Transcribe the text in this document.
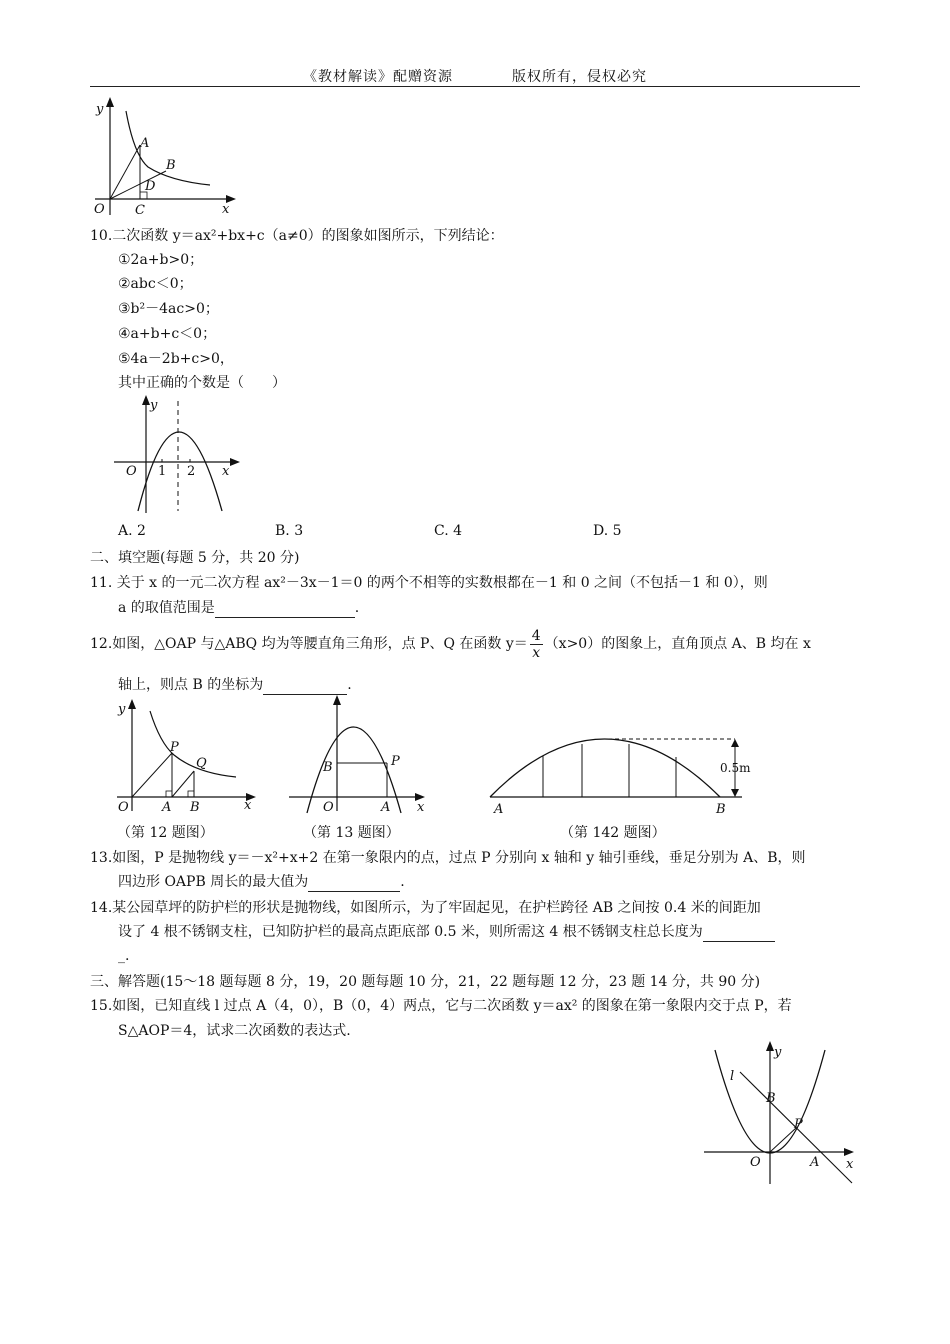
《教材解读》配赠资源	版权所有，侵权必究
y
A
B
D
O C	x
10.二次函数 y＝ax²+bx+c（a≠0）的图象如图所示，下列结论：
①2a+b>0；
②abc＜0；
③b²－4ac>0；
④a+b+c＜0；
⑤4a－2b+c>0，
其中正确的个数是（　　）
y
O 1 2 x
A. 2	B. 3	C. 4	D. 5
二、填空题(每题 5 分，共 20 分)
11. 关于 x 的一元二次方程 ax²－3x－1＝0 的两个不相等的实数根都在－1 和 0 之间（不包括－1 和 0），则
a 的取值范围是	.
12.如图，△OAP 与△ABQ 均为等腰直角三角形，点 P、Q 在函数 $y= \frac{4}{x} (x>0)$的图象上，直角顶点 A、B 均在 x
轴上，则点 B 的坐标为	.
y
P
Q
O	A B	x
B	P
O	A x	A	B
0.5m
（第 12 题图）	（第 13 题图）	（第 142 题图）
13.如图，P 是抛物线 y＝－x²+x+2 在第一象限内的点，过点 P 分别向 x 轴和 y 轴引垂线，垂足分别为 A、B，则
四边形 OAPB 周长的最大值为	.
14.某公园草坪的防护栏的形状是抛物线，如图所示，为了牢固起见，在护栏跨径 AB 之间按 0.4 米的间距加
设了 4 根不锈钢支柱，已知防护栏的最高点距底部 0.5 米，则所需这 4 根不锈钢支柱总长度为
_.
三、解答题(15～18 题每题 8 分，19，20 题每题 10 分，21，22 题每题 12 分，23 题 14 分，共 90 分)
15.如图，已知直线 l 过点 A（4，0），B（0，4）两点，它与二次函数 y＝ax² 的图象在第一象限内交于点 P，若
S△AOP＝4，试求二次函数的表达式.
l
y
B
P
O	A x
